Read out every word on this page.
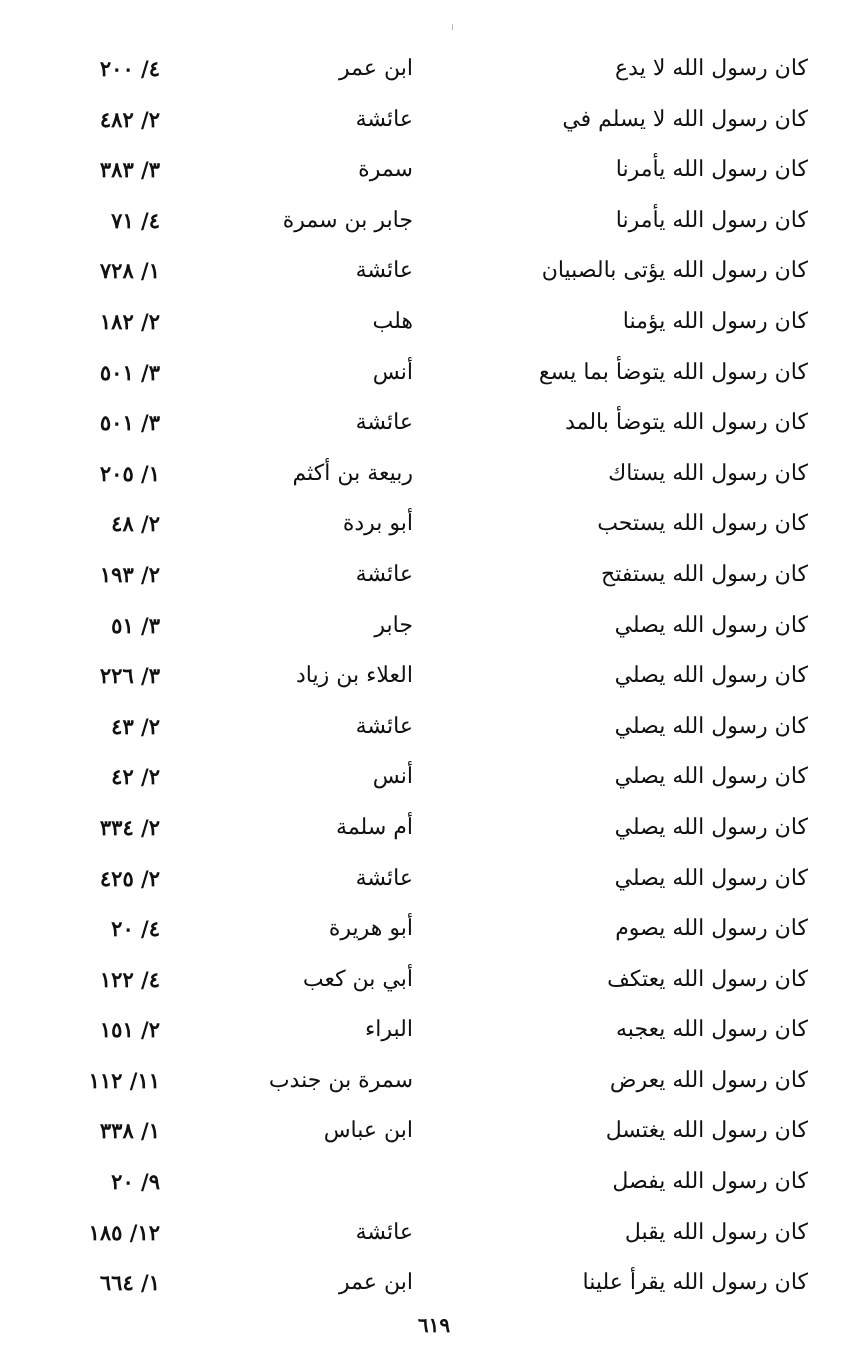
كان رسول الله لا يدع
ابن عمر
٤/ ٢٠٠
كان رسول الله لا يسلم في
عائشة
٢/ ٤٨٢
كان رسول الله يأمرنا
سمرة
٣/ ٣٨٣
كان رسول الله يأمرنا
جابر بن سمرة
٤/ ٧١
كان رسول الله يؤتى بالصبيان
عائشة
١/ ٧٢٨
كان رسول الله يؤمنا
هلب
٢/ ١٨٢
كان رسول الله يتوضأ بما يسع
أنس
٣/ ٥٠١
كان رسول الله يتوضأ بالمد
عائشة
٣/ ٥٠١
كان رسول الله يستاك
ربيعة بن أكثم
١/ ٢٠٥
كان رسول الله يستحب
أبو بردة
٢/ ٤٨
كان رسول الله يستفتح
عائشة
٢/ ١٩٣
كان رسول الله يصلي
جابر
٣/ ٥١
كان رسول الله يصلي
العلاء بن زياد
٣/ ٢٢٦
كان رسول الله يصلي
عائشة
٢/ ٤٣
كان رسول الله يصلي
أنس
٢/ ٤٢
كان رسول الله يصلي
أم سلمة
٢/ ٣٣٤
كان رسول الله يصلي
عائشة
٢/ ٤٢٥
كان رسول الله يصوم
أبو هريرة
٤/ ٢٠
كان رسول الله يعتكف
أبي بن كعب
٤/ ١٢٢
كان رسول الله يعجبه
البراء
٢/ ١٥١
كان رسول الله يعرض
سمرة بن جندب
١١/ ١١٢
كان رسول الله يغتسل
ابن عباس
١/ ٣٣٨
كان رسول الله يفصل
٩/ ٢٠
كان رسول الله يقبل
عائشة
١٢/ ١٨٥
كان رسول الله يقرأ علينا
ابن عمر
١/ ٦٦٤
٦١٩
